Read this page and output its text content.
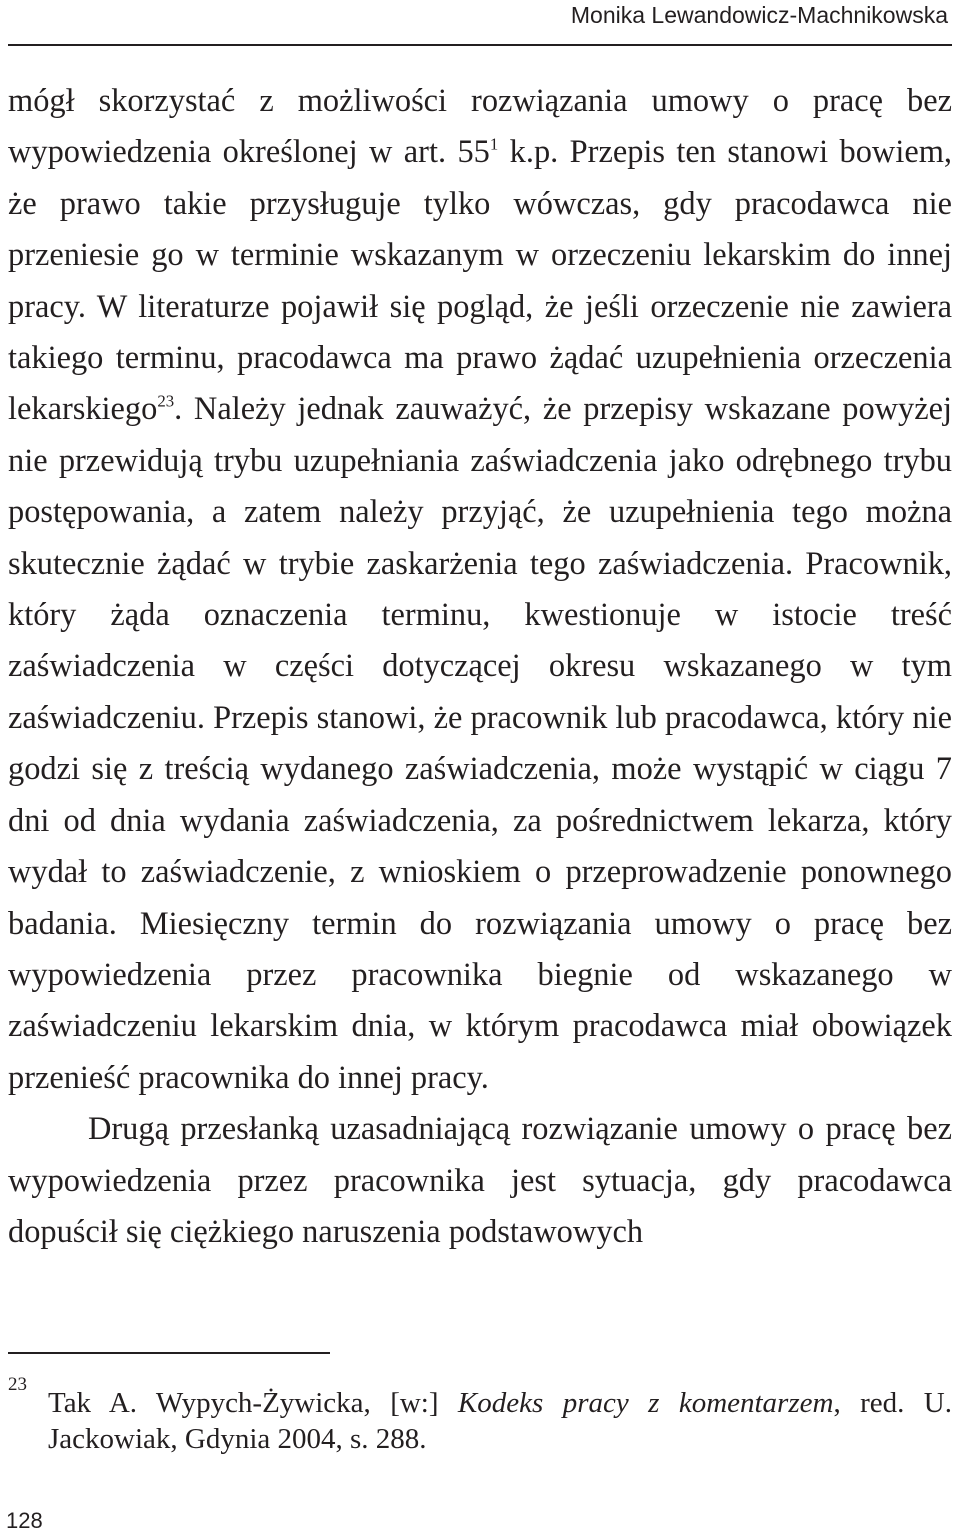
Monika Lewandowicz-Machnikowska

mógł skorzystać z możliwości rozwiązania umowy o pracę bez wypowiedzenia określonej w art. $55^1$ k.p. Przepis ten stanowi bowiem, że prawo takie przysługuje tylko wówczas, gdy pracodawca nie przeniesie go w terminie wskazanym w orzeczeniu lekarskim do innej pracy. W literaturze pojawił się pogląd, że jeśli orzeczenie nie zawiera takiego terminu, pracodawca ma prawo żądać uzupełnienia orzeczenia lekarskiego$^{23}$. Należy jednak zauważyć, że przepisy wskazane powyżej nie przewidują trybu uzupełniania zaświadczenia jako odrębnego trybu postępowania, a zatem należy przyjąć, że uzupełnienia tego można skutecznie żądać w trybie zaskarżenia tego zaświadczenia. Pracownik, który żąda oznaczenia terminu, kwestionuje w istocie treść zaświadczenia w części dotyczącej okresu wskazanego w tym zaświadczeniu. Przepis stanowi, że pracownik lub pracodawca, który nie godzi się z treścią wydanego zaświadczenia, może wystąpić w ciągu 7 dni od dnia wydania zaświadczenia, za pośrednictwem lekarza, który wydał to zaświadczenie, z wnioskiem o przeprowadzenie ponownego badania. Miesięczny termin do rozwiązania umowy o pracę bez wypowiedzenia przez pracownika biegnie od wskazanego w zaświadczeniu lekarskim dnia, w którym pracodawca miał obowiązek przenieść pracownika do innej pracy.

Drugą przesłanką uzasadniającą rozwiązanie umowy o pracę bez wypowiedzenia przez pracownika jest sytuacja, gdy pracodawca dopuścił się ciężkiego naruszenia podstawowych

23
Tak A. Wypych-Żywicka, [w:] Kodeks pracy z komentarzem, red. U. Jackowiak, Gdynia 2004, s. 288.
128
